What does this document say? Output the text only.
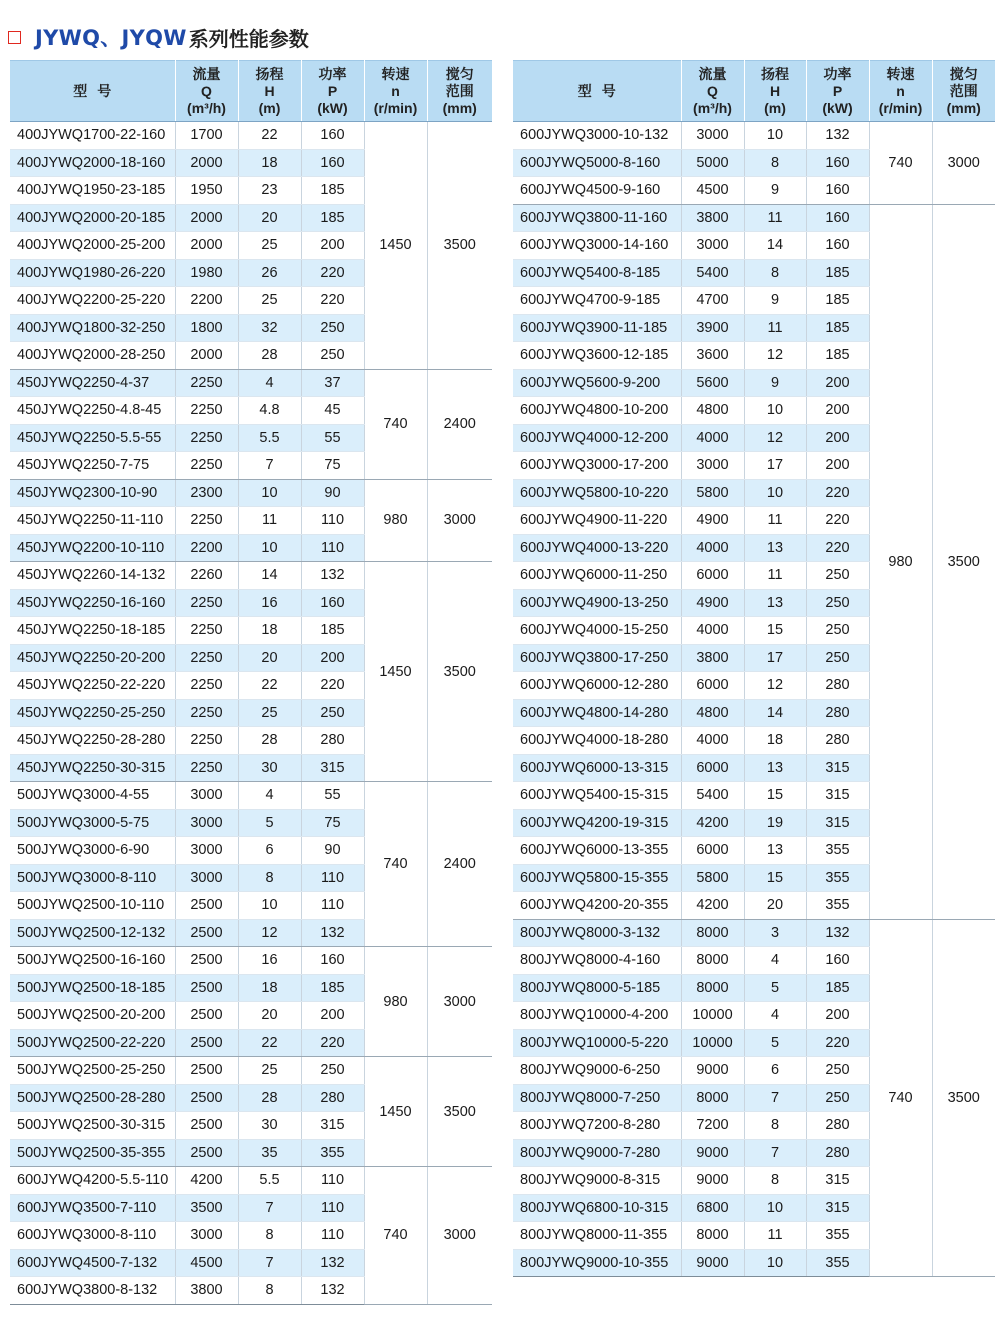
JYWQ、JYQW 系列性能参数
型号	流量
Q
(m³/h)	扬程
H
(m)	功率
P
(kW)	转速
n
(r/min)	搅匀
范围
(mm)

400JYWQ1700-22-160	1700	22	160	1450	3500
400JYWQ2000-18-160	2000	18	160		
400JYWQ1950-23-185	1950	23	185		
400JYWQ2000-20-185	2000	20	185		
400JYWQ2000-25-200	2000	25	200		
400JYWQ1980-26-220	1980	26	220		
400JYWQ2200-25-220	2200	25	220		
400JYWQ1800-32-250	1800	32	250		
400JYWQ2000-28-250	2000	28	250		
450JYWQ2250-4-37	2250	4	37	740	2400
450JYWQ2250-4.8-45	2250	4.8	45		
450JYWQ2250-5.5-55	2250	5.5	55		
450JYWQ2250-7-75	2250	7	75		
450JYWQ2300-10-90	2300	10	90	980	3000
450JYWQ2250-11-110	2250	11	110		
450JYWQ2200-10-110	2200	10	110		
450JYWQ2260-14-132	2260	14	132	1450	3500
450JYWQ2250-16-160	2250	16	160		
450JYWQ2250-18-185	2250	18	185		
450JYWQ2250-20-200	2250	20	200		
450JYWQ2250-22-220	2250	22	220		
450JYWQ2250-25-250	2250	25	250		
450JYWQ2250-28-280	2250	28	280		
450JYWQ2250-30-315	2250	30	315		
500JYWQ3000-4-55	3000	4	55	740	2400
500JYWQ3000-5-75	3000	5	75		
500JYWQ3000-6-90	3000	6	90		
500JYWQ3000-8-110	3000	8	110		
500JYWQ2500-10-110	2500	10	110		
500JYWQ2500-12-132	2500	12	132		
500JYWQ2500-16-160	2500	16	160	980	3000
500JYWQ2500-18-185	2500	18	185		
500JYWQ2500-20-200	2500	20	200		
500JYWQ2500-22-220	2500	22	220		
500JYWQ2500-25-250	2500	25	250	1450	3500
500JYWQ2500-28-280	2500	28	280		
500JYWQ2500-30-315	2500	30	315		
500JYWQ2500-35-355	2500	35	355		
600JYWQ4200-5.5-110	4200	5.5	110	740	3000
600JYWQ3500-7-110	3500	7	110		
600JYWQ3000-8-110	3000	8	110		
600JYWQ4500-7-132	4500	7	132		
600JYWQ3800-8-132	3800	8	132		
型号	流量
Q
(m³/h)	扬程
H
(m)	功率
P
(kW)	转速
n
(r/min)	搅匀
范围
(mm)

600JYWQ3000-10-132	3000	10	132	740	3000
600JYWQ5000-8-160	5000	8	160		
600JYWQ4500-9-160	4500	9	160		
600JYWQ3800-11-160	3800	11	160	980	3500
600JYWQ3000-14-160	3000	14	160		
600JYWQ5400-8-185	5400	8	185		
600JYWQ4700-9-185	4700	9	185		
600JYWQ3900-11-185	3900	11	185		
600JYWQ3600-12-185	3600	12	185		
600JYWQ5600-9-200	5600	9	200		
600JYWQ4800-10-200	4800	10	200		
600JYWQ4000-12-200	4000	12	200		
600JYWQ3000-17-200	3000	17	200		
600JYWQ5800-10-220	5800	10	220		
600JYWQ4900-11-220	4900	11	220		
600JYWQ4000-13-220	4000	13	220		
600JYWQ6000-11-250	6000	11	250		
600JYWQ4900-13-250	4900	13	250		
600JYWQ4000-15-250	4000	15	250		
600JYWQ3800-17-250	3800	17	250		
600JYWQ6000-12-280	6000	12	280		
600JYWQ4800-14-280	4800	14	280		
600JYWQ4000-18-280	4000	18	280		
600JYWQ6000-13-315	6000	13	315		
600JYWQ5400-15-315	5400	15	315		
600JYWQ4200-19-315	4200	19	315		
600JYWQ6000-13-355	6000	13	355		
600JYWQ5800-15-355	5800	15	355		
600JYWQ4200-20-355	4200	20	355		
800JYWQ8000-3-132	8000	3	132	740	3500
800JYWQ8000-4-160	8000	4	160		
800JYWQ8000-5-185	8000	5	185		
800JYWQ10000-4-200	10000	4	200		
800JYWQ10000-5-220	10000	5	220		
800JYWQ9000-6-250	9000	6	250		
800JYWQ8000-7-250	8000	7	250		
800JYWQ7200-8-280	7200	8	280		
800JYWQ9000-7-280	9000	7	280		
800JYWQ9000-8-315	9000	8	315		
800JYWQ6800-10-315	6800	10	315		
800JYWQ8000-11-355	8000	11	355		
800JYWQ9000-10-355	9000	10	355		
